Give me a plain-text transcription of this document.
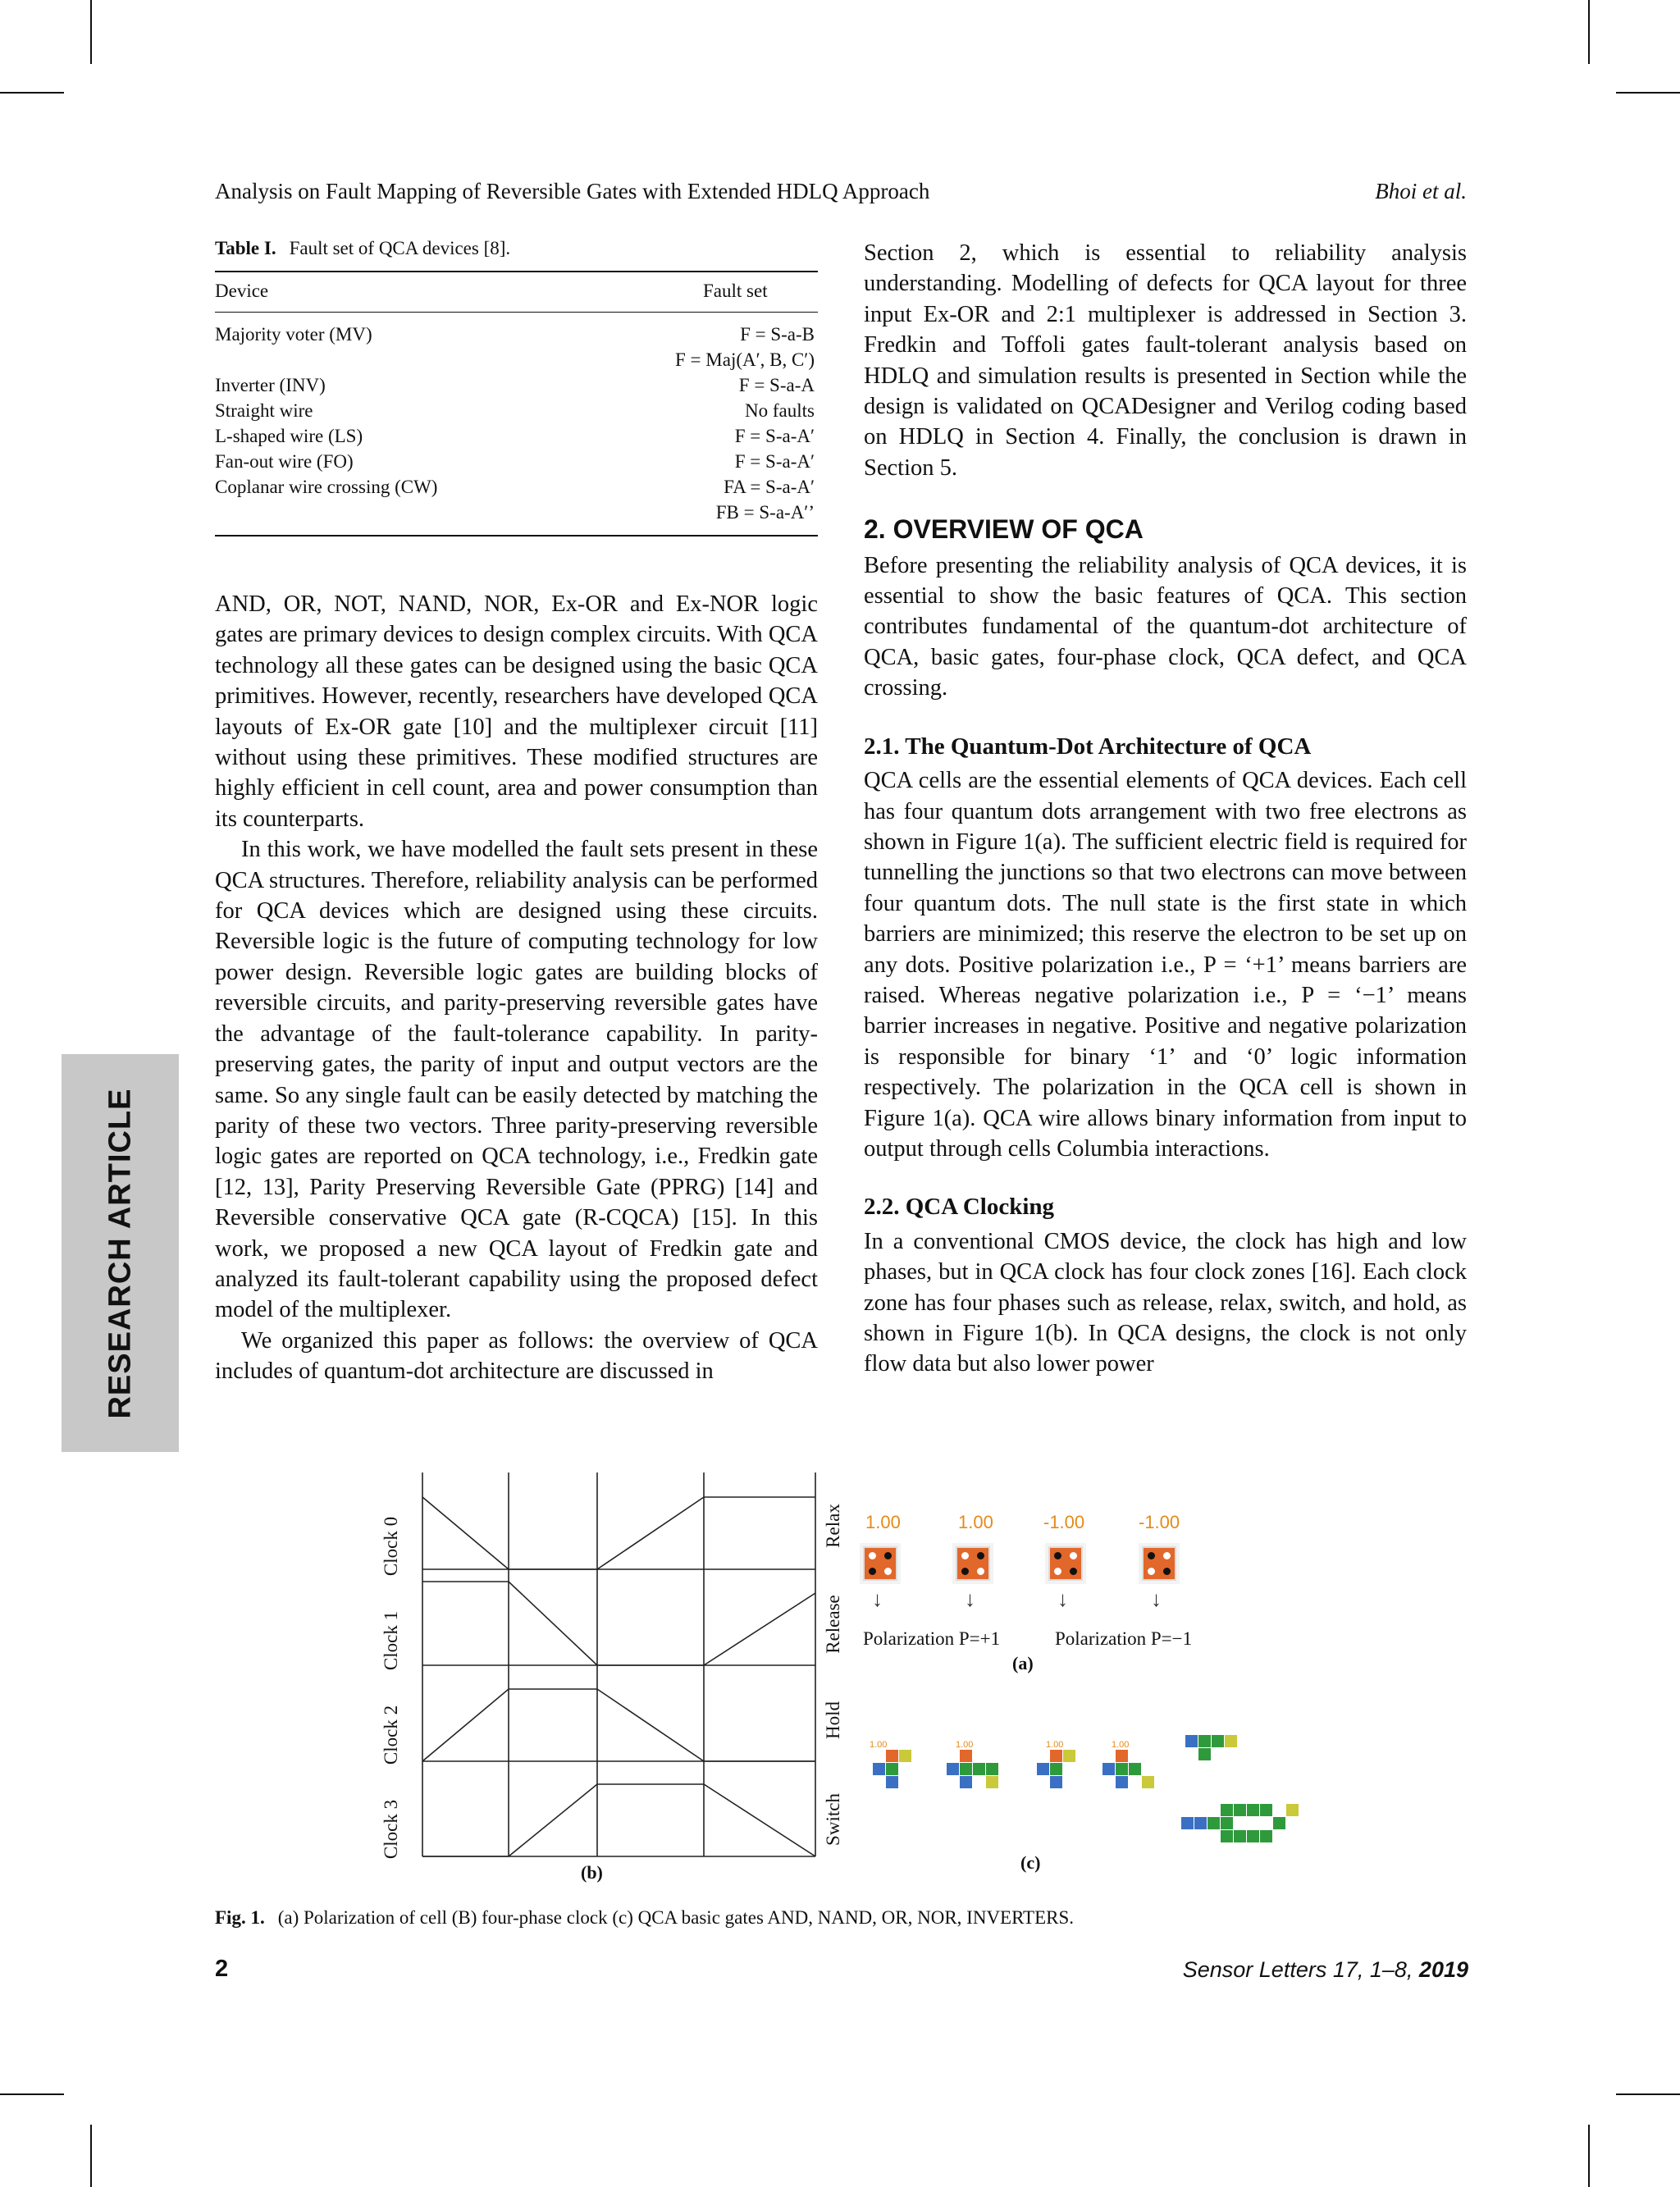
Analysis on Fault Mapping of Reversible Gates with Extended HDLQ Approach	Bhoi et al.
Table I. Fault set of QCA devices [8].
Device	Fault set
Majority voter (MV)	F = S-a-B
	F = Maj(A′, B, C′)
Inverter (INV)	F = S-a-A
Straight wire	No faults
L-shaped wire (LS)	F = S-a-A′
Fan-out wire (FO)	F = S-a-A′
Coplanar wire crossing (CW)	FA = S-a-A′
	FB = S-a-A′’

AND, OR, NOT, NAND, NOR, Ex-OR and Ex-NOR logic gates are primary devices to design complex circuits. With QCA technology all these gates can be designed using the basic QCA primitives. However, recently, researchers have developed QCA layouts of Ex-OR gate [10] and the multiplexer circuit [11] without using these primitives. These modified structures are highly efficient in cell count, area and power consumption than its counterparts.

In this work, we have modelled the fault sets present in these QCA structures. Therefore, reliability analysis can be performed for QCA devices which are designed using these circuits. Reversible logic is the future of computing technology for low power design. Reversible logic gates are building blocks of reversible circuits, and parity-preserving reversible gates have the advantage of the fault-tolerance capability. In parity-preserving gates, the parity of input and output vectors are the same. So any single fault can be easily detected by matching the parity of these two vectors. Three parity-preserving reversible logic gates are reported on QCA technology, i.e., Fredkin gate [12, 13], Parity Preserving Reversible Gate (PPRG) [14] and Reversible conservative QCA gate (R-CQCA) [15]. In this work, we proposed a new QCA layout of Fredkin gate and analyzed its fault-tolerant capability using the proposed defect model of the multiplexer.

We organized this paper as follows: the overview of QCA includes of quantum-dot architecture are discussed in

Section 2, which is essential to reliability analysis understanding. Modelling of defects for QCA layout for three input Ex-OR and 2:1 multiplexer is addressed in Section 3. Fredkin and Toffoli gates fault-tolerant analysis based on HDLQ and simulation results is presented in Section while the design is validated on QCADesigner and Verilog coding based on HDLQ in Section 4. Finally, the conclusion is drawn in Section 5.

2. OVERVIEW OF QCA

Before presenting the reliability analysis of QCA devices, it is essential to show the basic features of QCA. This section contributes fundamental of the quantum-dot architecture of QCA, basic gates, four-phase clock, QCA defect, and QCA crossing.

2.1. The Quantum-Dot Architecture of QCA

QCA cells are the essential elements of QCA devices. Each cell has four quantum dots arrangement with two free electrons as shown in Figure 1(a). The sufficient electric field is required for tunnelling the junctions so that two electrons can move between four quantum dots. The null state is the first state in which barriers are minimized; this reserve the electron to be set up on any dots. Positive polarization i.e., P = ‘+1’ means barriers are raised. Whereas negative polarization i.e., P = ‘−1’ means barrier increases in negative. Positive and negative polarization is responsible for binary ‘1’ and ‘0’ logic information respectively. The polarization in the QCA cell is shown in Figure 1(a). QCA wire allows binary information from input to output through cells Columbia interactions.

2.2. QCA Clocking

In a conventional CMOS device, the clock has high and low phases, but in QCA clock has four clock zones [16]. Each clock zone has four phases such as release, relax, switch, and hold, as shown in Figure 1(b). In QCA designs, the clock is not only flow data but also lower power

RESEARCH ARTICLE
Clock 0
Clock 1
Clock 2
Clock 3
Relax
Release
Hold
Switch
(b)
1.00	1.00	-1.00	-1.00
↓	↓	↓	↓
Polarization P=+1	Polarization P=−1
(a)
1.00	1.00	1.00	1.00
(c)
Fig. 1. (a) Polarization of cell (B) four-phase clock (c) QCA basic gates AND, NAND, OR, NOR, INVERTERS.
2	Sensor Letters 17, 1–8, 2019
